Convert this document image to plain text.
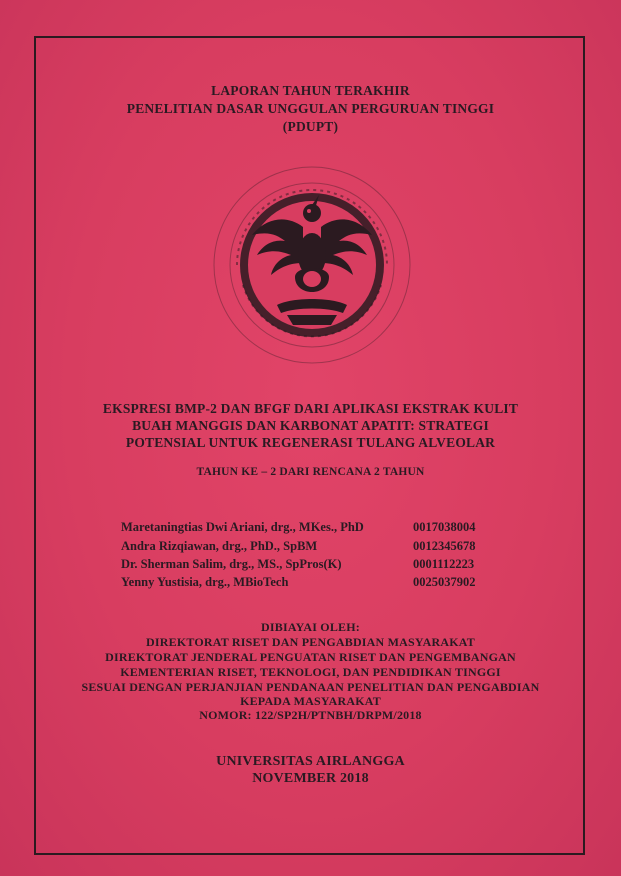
LAPORAN TAHUN TERAKHIR
PENELITIAN DASAR UNGGULAN PERGURUAN TINGGI
(PDUPT)
EKSPRESI BMP-2 DAN BFGF DARI APLIKASI EKSTRAK KULIT
BUAH MANGGIS DAN KARBONAT APATIT: STRATEGI
POTENSIAL UNTUK REGENERASI TULANG ALVEOLAR
TAHUN KE – 2 DARI RENCANA 2 TAHUN
Maretaningtias Dwi Ariani, drg., MKes., PhD	0017038004
Andra Rizqiawan, drg., PhD., SpBM	0012345678
Dr. Sherman Salim, drg., MS., SpPros(K)	0001112223
Yenny Yustisia, drg., MBioTech	0025037902
DIBIAYAI OLEH:
DIREKTORAT RISET DAN PENGABDIAN MASYARAKAT
DIREKTORAT JENDERAL PENGUATAN RISET DAN PENGEMBANGAN
KEMENTERIAN RISET, TEKNOLOGI, DAN PENDIDIKAN TINGGI
SESUAI DENGAN PERJANJIAN PENDANAAN PENELITIAN DAN PENGABDIAN
KEPADA MASYARAKAT
NOMOR: 122/SP2H/PTNBH/DRPM/2018
UNIVERSITAS AIRLANGGA
NOVEMBER 2018
